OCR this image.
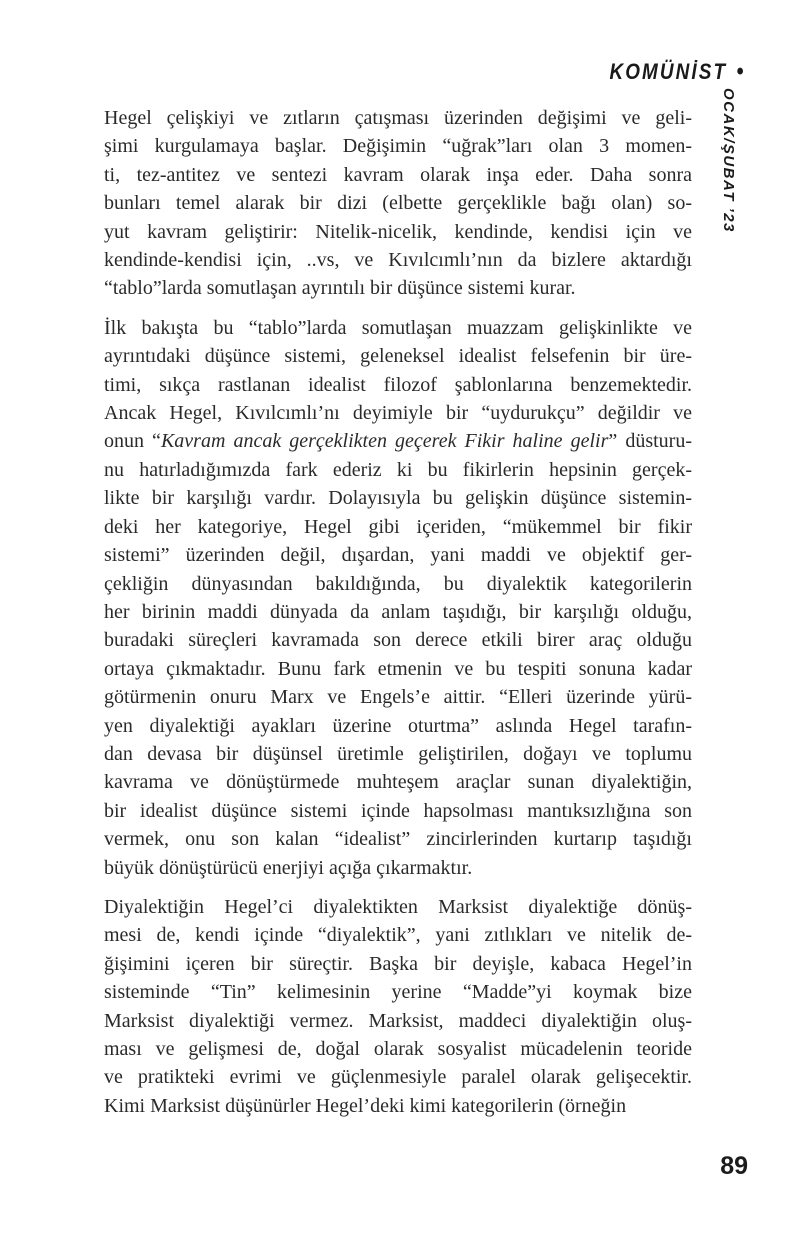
KOMÜNİST •
OCAK/ŞUBAT ’23
Hegel çelişkiyi ve zıtların çatışması üzerinden değişimi ve geli-
şimi kurgulamaya başlar. Değişimin “uğrak”ları olan 3 momen-
ti, tez-antitez ve sentezi kavram olarak inşa eder. Daha sonra
bunları temel alarak bir dizi (elbette gerçeklikle bağı olan) so-
yut kavram geliştirir: Nitelik-nicelik, kendinde, kendisi için ve
kendinde-kendisi için, ..vs, ve Kıvılcımlı’nın da bizlere aktardığı
“tablo”larda somutlaşan ayrıntılı bir düşünce sistemi kurar.
İlk bakışta bu “tablo”larda somutlaşan muazzam gelişkinlikte ve
ayrıntıdaki düşünce sistemi, geleneksel idealist felsefenin bir üre-
timi, sıkça rastlanan idealist filozof şablonlarına benzemektedir.
Ancak Hegel, Kıvılcımlı’nı deyimiyle bir “uydurukçu” değildir ve
onun “Kavram ancak gerçeklikten geçerek Fikir haline gelir” düsturu-
nu hatırladığımızda fark ederiz ki bu fikirlerin hepsinin gerçek-
likte bir karşılığı vardır. Dolayısıyla bu gelişkin düşünce sistemin-
deki her kategoriye, Hegel gibi içeriden, “mükemmel bir fikir
sistemi” üzerinden değil, dışardan, yani maddi ve objektif ger-
çekliğin dünyasından bakıldığında, bu diyalektik kategorilerin
her birinin maddi dünyada da anlam taşıdığı, bir karşılığı olduğu,
buradaki süreçleri kavramada son derece etkili birer araç olduğu
ortaya çıkmaktadır. Bunu fark etmenin ve bu tespiti sonuna kadar
götürmenin onuru Marx ve Engels’e aittir. “Elleri üzerinde yürü-
yen diyalektiği ayakları üzerine oturtma” aslında Hegel tarafın-
dan devasa bir düşünsel üretimle geliştirilen, doğayı ve toplumu
kavrama ve dönüştürmede muhteşem araçlar sunan diyalektiğin,
bir idealist düşünce sistemi içinde hapsolması mantıksızlığına son
vermek, onu son kalan “idealist” zincirlerinden kurtarıp taşıdığı
büyük dönüştürücü enerjiyi açığa çıkarmaktır.
Diyalektiğin Hegel’ci diyalektikten Marksist diyalektiğe dönüş-
mesi de, kendi içinde “diyalektik”, yani zıtlıkları ve nitelik de-
ğişimini içeren bir süreçtir. Başka bir deyişle, kabaca Hegel’in
sisteminde “Tin” kelimesinin yerine “Madde”yi koymak bize
Marksist diyalektiği vermez. Marksist, maddeci diyalektiğin oluş-
ması ve gelişmesi de, doğal olarak sosyalist mücadelenin teoride
ve pratikteki evrimi ve güçlenmesiyle paralel olarak gelişecektir.
Kimi Marksist düşünürler Hegel’deki kimi kategorilerin (örneğin
89
